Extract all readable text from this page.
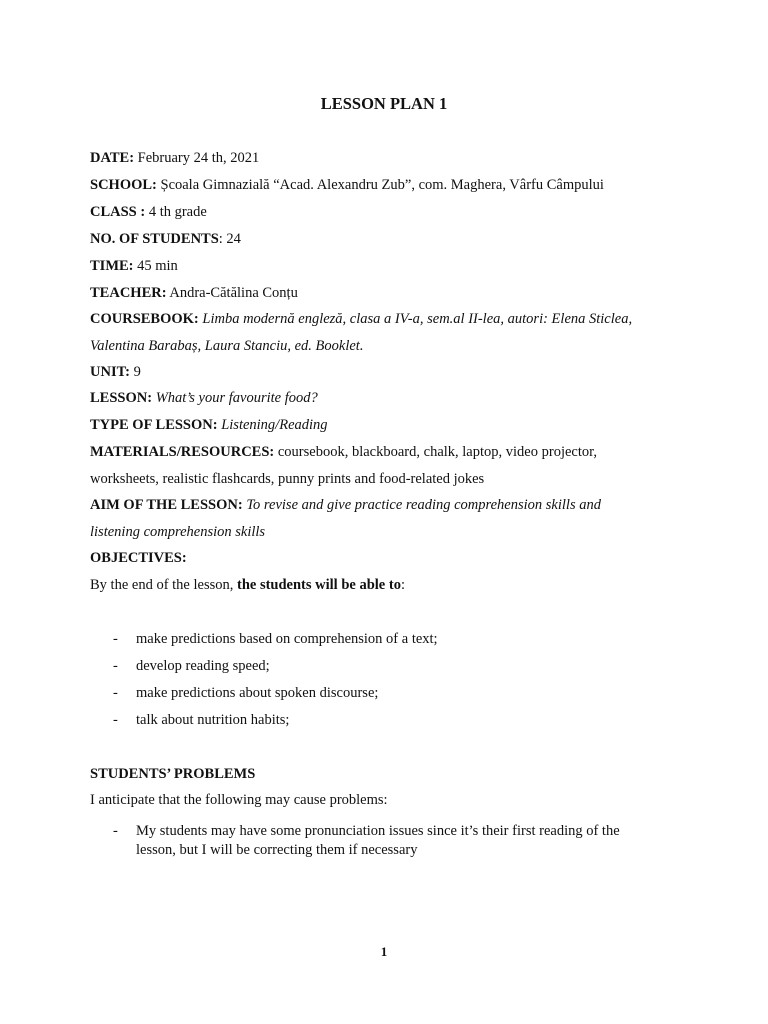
LESSON PLAN 1
DATE: February 24 th, 2021
SCHOOL: Școala Gimnazială “Acad. Alexandru Zub”, com. Maghera, Vârfu Câmpului
CLASS : 4 th grade
NO. OF STUDENTS: 24
TIME: 45 min
TEACHER: Andra-Cătălina Conțu
COURSEBOOK: Limba modernă engleză, clasa a IV-a, sem.al II-lea, autori: Elena Sticlea,
Valentina Barabaș, Laura Stanciu, ed. Booklet.
UNIT: 9
LESSON: What’s your favourite food?
TYPE OF LESSON: Listening/Reading
MATERIALS/RESOURCES: coursebook, blackboard, chalk, laptop, video projector,
worksheets, realistic flashcards, punny prints and food-related jokes
AIM OF THE LESSON: To revise and give practice reading comprehension skills and
listening comprehension skills
OBJECTIVES:
By the end of the lesson, the students will be able to:
- make predictions based on comprehension of a text;
- develop reading speed;
- make predictions about spoken discourse;
- talk about nutrition habits;
STUDENTS’ PROBLEMS
I anticipate that the following may cause problems:
- My students may have some pronunciation issues since it’s their first reading of the lesson, but I will be correcting them if necessary
1
